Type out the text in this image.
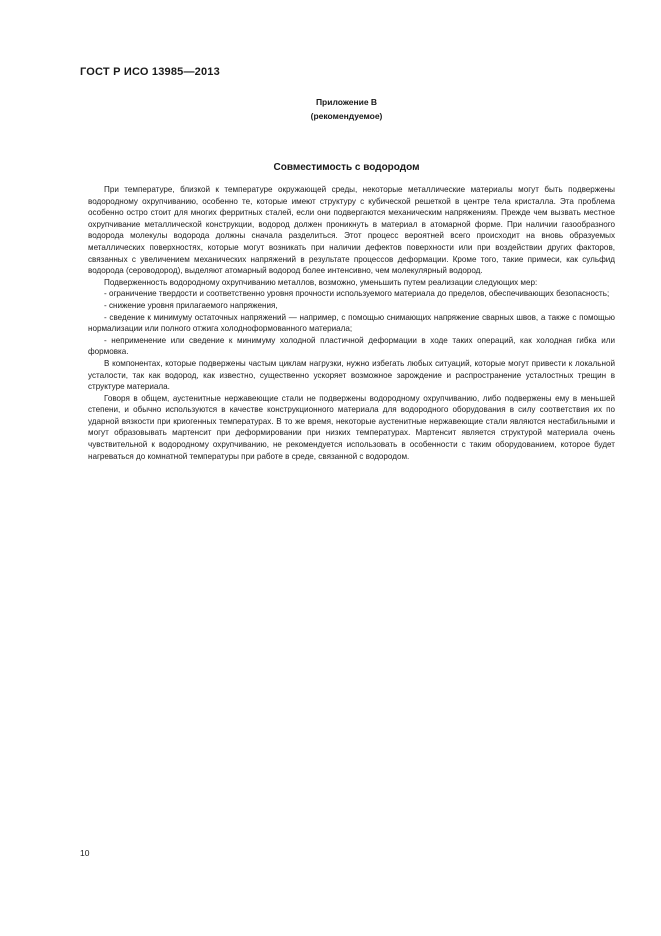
ГОСТ Р ИСО 13985—2013
Приложение В
(рекомендуемое)
Совместимость с водородом

При температуре, близкой к температуре окружающей среды, некоторые металлические материалы могут быть подвержены водородному охрупчиванию, особенно те, которые имеют структуру с кубической решеткой в центре тела кристалла. Эта проблема особенно остро стоит для многих ферритных сталей, если они подвергаются механическим напряжениям. Прежде чем вызвать местное охрупчивание металлической конструкции, водород должен проникнуть в материал в атомарной форме. При наличии газообразного водорода молекулы водорода должны сначала разделиться. Этот процесс вероятней всего происходит на вновь образуемых металлических поверхностях, которые могут возникать при наличии дефектов поверхности или при воздействии других факторов, связанных с увеличением механических напряжений в результате процессов деформации. Кроме того, такие примеси, как сульфид водорода (сероводород), выделяют атомарный водород более интенсивно, чем молекулярный водород.

Подверженность водородному охрупчиванию металлов, возможно, уменьшить путем реализации следующих мер:

- ограничение твердости и соответственно уровня прочности используемого материала до пределов, обеспечивающих безопасность;

- снижение уровня прилагаемого напряжения,

- сведение к минимуму остаточных напряжений — например, с помощью снимающих напряжение сварных швов, а также с помощью нормализации или полного отжига холоднoформованного материала;

- неприменение или сведение к минимуму холодной пластичной деформации в ходе таких операций, как холодная гибка или формовка.

В компонентах, которые подвержены частым циклам нагрузки, нужно избегать любых ситуаций, которые могут привести к локальной усталости, так как водород, как известно, существенно ускоряет возможное зарождение и распространение усталостных трещин в структуре материала.

Говоря в общем, аустенитные нержавеющие стали не подвержены водородному охрупчиванию, либо подвержены ему в меньшей степени, и обычно используются в качестве конструкционного материала для водородного оборудования в силу соответствия их по ударной вязкости при криогенных температурах. В то же время, некоторые аустенитные нержавеющие стали являются нестабильными и могут образовывать мартенсит при деформировании при низких температурах. Мартенсит является структурой материала очень чувствительной к водородному охрупчиванию, не рекомендуется использовать в особенности с таким оборудованием, которое будет нагреваться до комнатной температуры при работе в среде, связанной с водородом.

10
